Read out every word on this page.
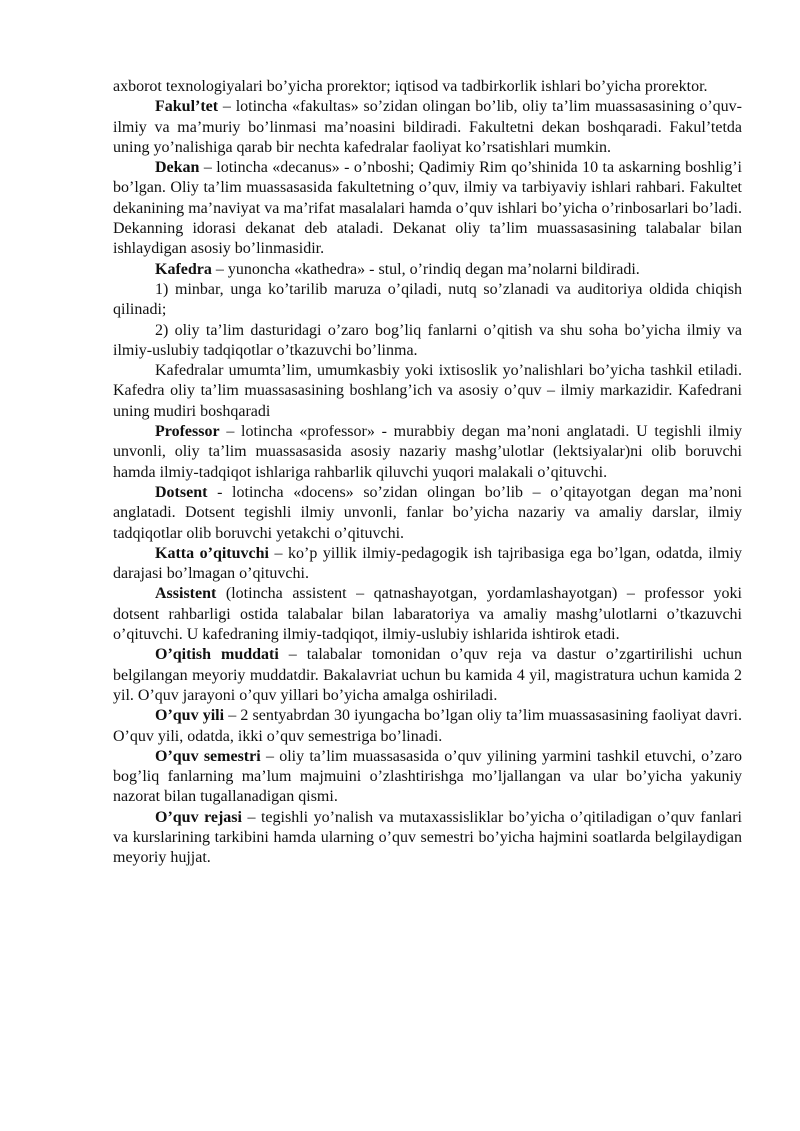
axborot texnologiyalari bo’yicha prorektor; iqtisod va tadbirkorlik ishlari bo’yicha prorektor.

Fakul’tet – lotincha «fakultas» so’zidan olingan bo’lib, oliy ta’lim muassasasining o’quv-ilmiy va ma’muriy bo’linmasi ma’noasini bildiradi. Fakultetni dekan boshqaradi. Fakul’tetda uning yo’nalishiga qarab bir nechta kafedralar faoliyat ko’rsatishlari mumkin.

Dekan – lotincha «decanus» - o’nboshi; Qadimiy Rim qo’shinida 10 ta askarning boshlig’i bo’lgan. Oliy ta’lim muassasasida fakultetning o’quv, ilmiy va tarbiyaviy ishlari rahbari. Fakultet dekanining ma’naviyat va ma’rifat masalalari hamda o’quv ishlari bo’yicha o’rinbosarlari bo’ladi. Dekanning idorasi dekanat deb ataladi. Dekanat oliy ta’lim muassasasining talabalar bilan ishlaydigan asosiy bo’linmasidir.

Kafedra – yunoncha «kathedra» - stul, o’rindiq degan ma’nolarni bildiradi.

1) minbar, unga ko’tarilib maruza o’qiladi, nutq so’zlanadi va auditoriya oldida chiqish qilinadi;

2) oliy ta’lim dasturidagi o’zaro bog’liq fanlarni o’qitish va shu soha bo’yicha ilmiy va ilmiy-uslubiy tadqiqotlar o’tkazuvchi bo’linma.

Kafedralar umumta’lim, umumkasbiy yoki ixtisoslik yo’nalishlari bo’yicha tashkil etiladi. Kafedra oliy ta’lim muassasasining boshlang’ich va asosiy o’quv – ilmiy markazidir. Kafedrani uning mudiri boshqaradi

Professor – lotincha «professor» - murabbiy degan ma’noni anglatadi. U tegishli ilmiy unvonli, oliy ta’lim muassasasida asosiy nazariy mashg’ulotlar (lektsiyalar)ni olib boruvchi hamda ilmiy-tadqiqot ishlariga rahbarlik qiluvchi yuqori malakali o’qituvchi.

Dotsent - lotincha «docens» so’zidan olingan bo’lib – o’qitayotgan degan ma’noni anglatadi. Dotsent tegishli ilmiy unvonli, fanlar bo’yicha nazariy va amaliy darslar, ilmiy tadqiqotlar olib boruvchi yetakchi o’qituvchi.

Katta o’qituvchi – ko’p yillik ilmiy-pedagogik ish tajribasiga ega bo’lgan, odatda, ilmiy darajasi bo’lmagan o’qituvchi.

Assistent (lotincha assistent – qatnashayotgan, yordamlashayotgan) – professor yoki dotsent rahbarligi ostida talabalar bilan labaratoriya va amaliy mashg’ulotlarni o’tkazuvchi o’qituvchi. U kafedraning ilmiy-tadqiqot, ilmiy-uslubiy ishlarida ishtirok etadi.

O’qitish muddati – talabalar tomonidan o’quv reja va dastur o’zgartirilishi uchun belgilangan meyoriy muddatdir. Bakalavriat uchun bu kamida 4 yil, magistratura uchun kamida 2 yil. O’quv jarayoni o’quv yillari bo’yicha amalga oshiriladi.

O’quv yili – 2 sentyabrdan 30 iyungacha bo’lgan oliy ta’lim muassasasining faoliyat davri. O’quv yili, odatda, ikki o’quv semestriga bo’linadi.

O’quv semestri – oliy ta’lim muassasasida o’quv yilining yarmini tashkil etuvchi, o’zaro bog’liq fanlarning ma’lum majmuini o’zlashtirishga mo’ljallangan va ular bo’yicha yakuniy nazorat bilan tugallanadigan qismi.

O’quv rejasi – tegishli yo’nalish va mutaxassisliklar bo’yicha o’qitiladigan o’quv fanlari va kurslarining tarkibini hamda ularning o’quv semestri bo’yicha hajmini soatlarda belgilaydigan meyoriy hujjat.
